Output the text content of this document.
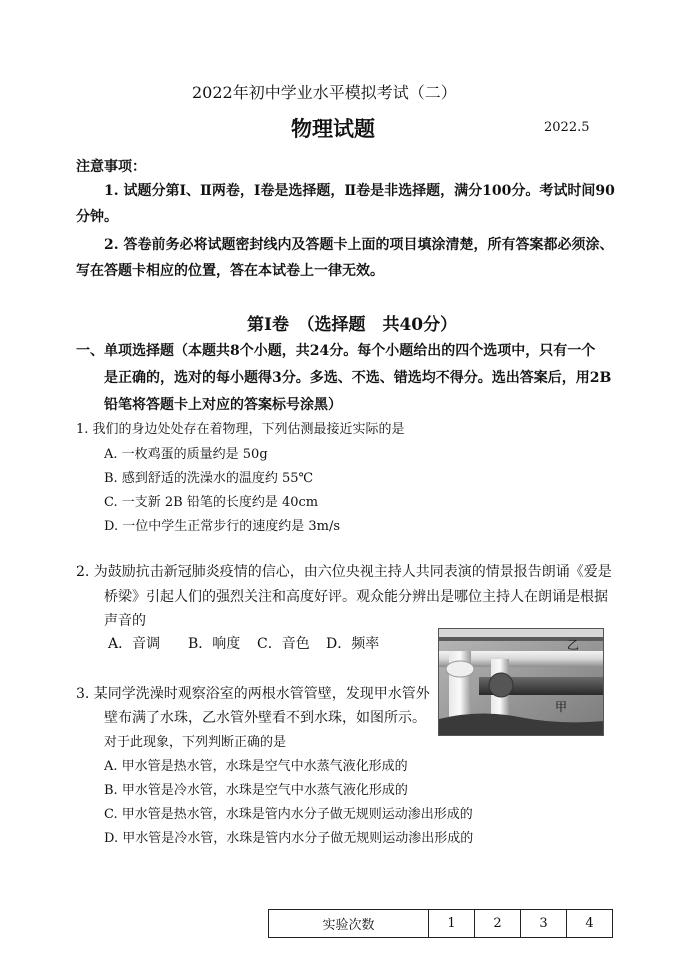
2022年初中学业水平模拟考试（二）
物理试题	2022.5
注意事项：
1. 试题分第Ⅰ、Ⅱ两卷，Ⅰ卷是选择题，Ⅱ卷是非选择题，满分100分。考试时间90
分钟。
2. 答卷前务必将试题密封线内及答题卡上面的项目填涂清楚，所有答案都必须涂、
写在答题卡相应的位置，答在本试卷上一律无效。
第Ⅰ卷　（选择题　共40分）
一、单项选择题（本题共8个小题，共24分。每个小题给出的四个选项中，只有一个
是正确的，选对的每小题得3分。多选、不选、错选均不得分。选出答案后，用2B
铅笔将答题卡上对应的答案标号涂黑）
1. 我们的身边处处存在着物理，下列估测最接近实际的是
A. 一枚鸡蛋的质量约是 50g
B. 感到舒适的洗澡水的温度约 55℃
C. 一支新 2B 铅笔的长度约是 40cm
D. 一位中学生正常步行的速度约是 3m/s
2. 为鼓励抗击新冠肺炎疫情的信心，由六位央视主持人共同表演的情景报告朗诵《爱是
桥梁》引起人们的强烈关注和高度好评。观众能分辨出是哪位主持人在朗诵是根据
声音的
A．音调 B．响度 C．音色 D．频率	乙
甲
3. 某同学洗澡时观察浴室的两根水管管壁，发现甲水管外
壁布满了水珠，乙水管外壁看不到水珠，如图所示。
对于此现象，下列判断正确的是
A. 甲水管是热水管，水珠是空气中水蒸气液化形成的
B. 甲水管是冷水管，水珠是空气中水蒸气液化形成的
C. 甲水管是热水管，水珠是管内水分子做无规则运动渗出形成的
D. 甲水管是冷水管，水珠是管内水分子做无规则运动渗出形成的
实验次数	1	2	3	4
